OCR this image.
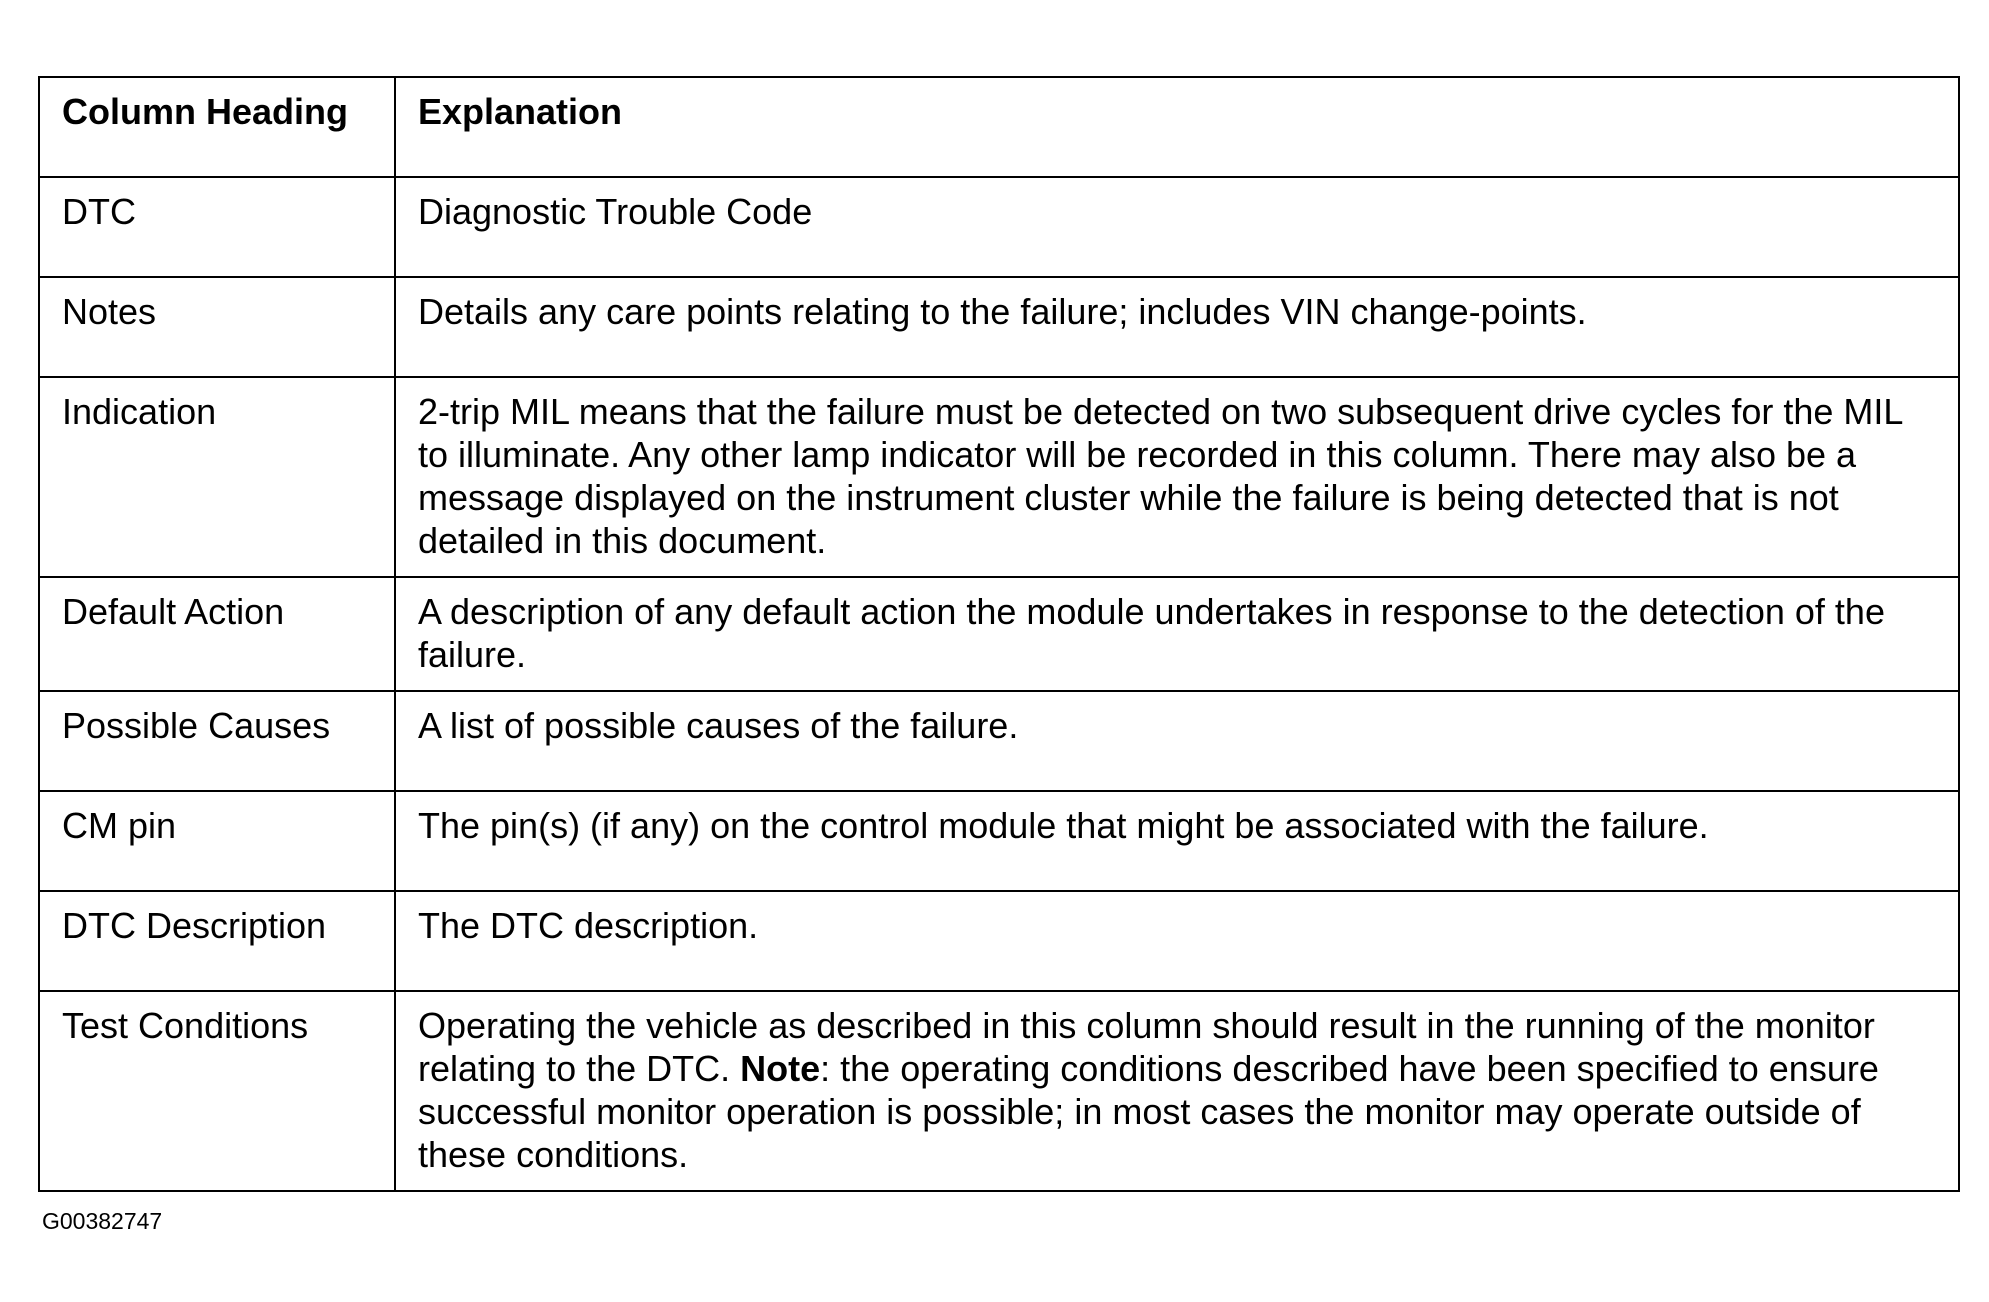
Column Heading	Explanation
DTC	Diagnostic Trouble Code
Notes	Details any care points relating to the failure; includes VIN change-points.
Indication	2-trip MIL means that the failure must be detected on two subsequent drive cycles for the MIL to illuminate. Any other lamp indicator will be recorded in this column. There may also be a message displayed on the instrument cluster while the failure is being detected that is not detailed in this document.
Default Action	A description of any default action the module undertakes in response to the detection of the failure.
Possible Causes	A list of possible causes of the failure.
CM pin	The pin(s) (if any) on the control module that might be associated with the failure.
DTC Description	The DTC description.
Test Conditions	Operating the vehicle as described in this column should result in the running of the monitor relating to the DTC. Note: the operating conditions described have been specified to ensure successful monitor operation is possible; in most cases the monitor may operate outside of these conditions.
G00382747
